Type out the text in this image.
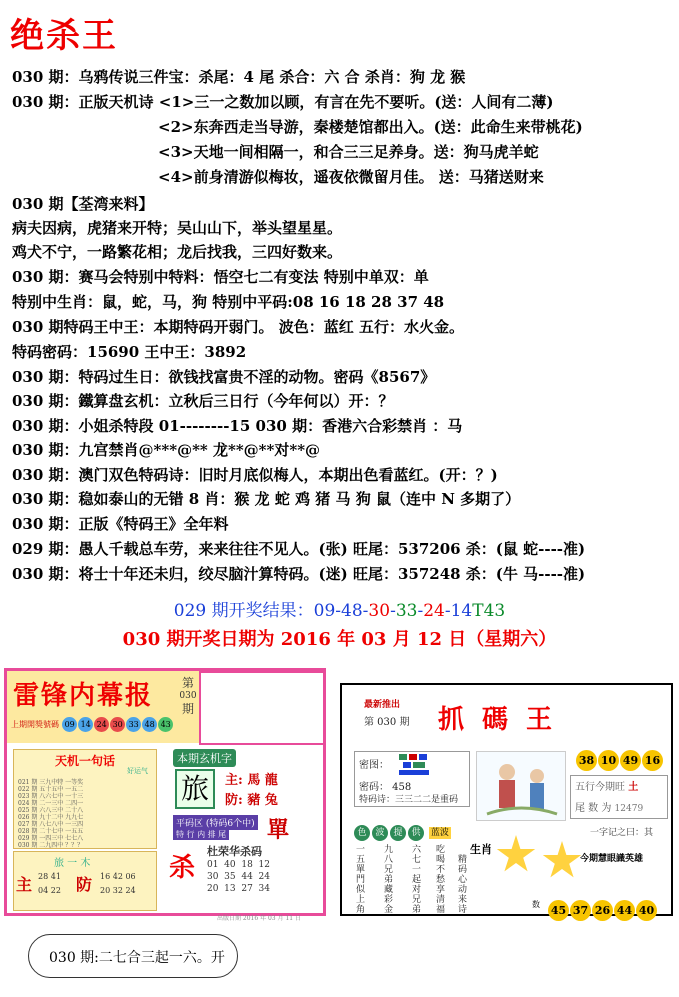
绝杀王
030 期：乌鸦传说三件宝：杀尾：4 尾 杀合：六 合 杀肖：狗 龙 猴
030 期：正版天机诗 <1>三一之数加以顾，有言在先不要听。(送：人间有二薄)
<2>东奔西走当导游，秦楼楚馆都出入。(送：此命生来带桃花)
<3>天地一间相隔一，和合三三足养身。送：狗马虎羊蛇
<4>前身清游似梅妆，遥夜依微留月佳。 送：马猪送财来
030 期【荃湾来料】
病夫因病，虎猪来开特；吴山山下，举头望星星。
鸡犬不宁，一路繁花相；龙后找我，三四好数来。
030 期：赛马会特别中特料：悟空七二有变法 特别中单双：单
特别中生肖：鼠，蛇，马，狗 特别中平码:08 16 18 28 37 48
030 期特码王中王：本期特码开弱门。 波色：蓝红 五行：水火金。
特码密码：15690 王中王：3892
030 期：特码过生日：欲钱找富贵不淫的动物。密码《8567》
030 期：鐵算盘玄机：立秋后三日行（今年何以）开：？
030 期：小姐杀特段 01--------15 030 期：香港六合彩禁肖 ：马
030 期：九宫禁肖@***@** 龙**@**对**@
030 期：澳门双色特码诗：旧时月底似梅人，本期出色看蓝红。(开：？)
030 期：稳如泰山的无错 8 肖：猴 龙 蛇 鸡 猪 马 狗 鼠（连中 N 多期了）
030 期：正版《特码王》全年料
029 期：愚人千载总车劳，来来往往不见人。(张) 旺尾：537206 杀：(鼠 蛇----准)
030 期：将士十年还未归，绞尽脑汁算特码。(迷) 旺尾：357248 杀：(牛 马----准)
029 期开奖结果：09-48-30-33-24-14T43
030 期开奖日期为 2016 年 03 月 12 日（星期六）
雷锋内幕报 第
030
期
上期開獎號碼 09 14 24 30 33 48 43
天机一句话
好运气
021 期 三九中特 一等奖
022 期 五十五中 一五二
023 期 八六七中 一十三
024 期 二一三中 二四一
025 期 六八三中 二十八
026 期 九十二中 九九七
027 期 八七八中 一三四
028 期 二十七中 一五五
029 期 一四三中 七七八
030 期 二九四中 ？？？
本期玄机字
旅	主: 馬 龍
防: 豬 兔
平码区 (特码6个中)
特 行 内 排 尾 單
旅 一 木
主	防
28 41
04 22
16 42 06
20 32 24
杀
杜荣华杀码
01  40  18  12
30  35  44  24
20  13  27  34
出版日期 2016 年 03 月 11 日
最新推出
第 030 期 抓碼王
密图：
密码： 458
特码诗：三三二二是重码
38 10 49 16
五行今期旺 土
尾 数 为 12479
色 波 提 供 蓝波	一字记之曰：其
一五單門似上角
九八兄弟藏彩金
六七一起对兄弟
吃喝不愁享清福
精码心动来诗
生肖
今期慧眼識英雄
45 37 26 44 40
数
030 期:二七合三起一六。开
